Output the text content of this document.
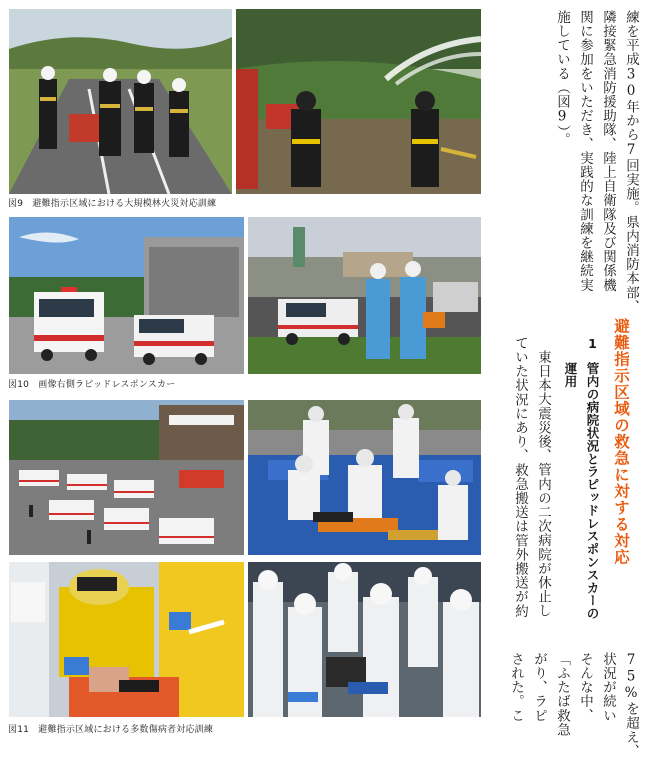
図9　避難指示区域における大規模林火災対応訓練
図10　画像右側ラピッドレスポンスカー
図11　避難指示区域における多数傷病者対応訓練

練を平成30年から7回実施。県内消防本部、

隣接緊急消防援助隊、陸上自衛隊及び関係機

関に参加をいただき、実践的な訓練を継続実

施している（図9）。

避難指示区域の救急に対する対応

1

管内の病院状況とラピッドレスポンスカーの

運用

東日本大震災後、管内の二次病院が休止し

ていた状況にあり、救急搬送は管外搬送が約

75%を超え、

状況が続い

そんな中、

「ふたば救急

がり、ラピ

された。こ
